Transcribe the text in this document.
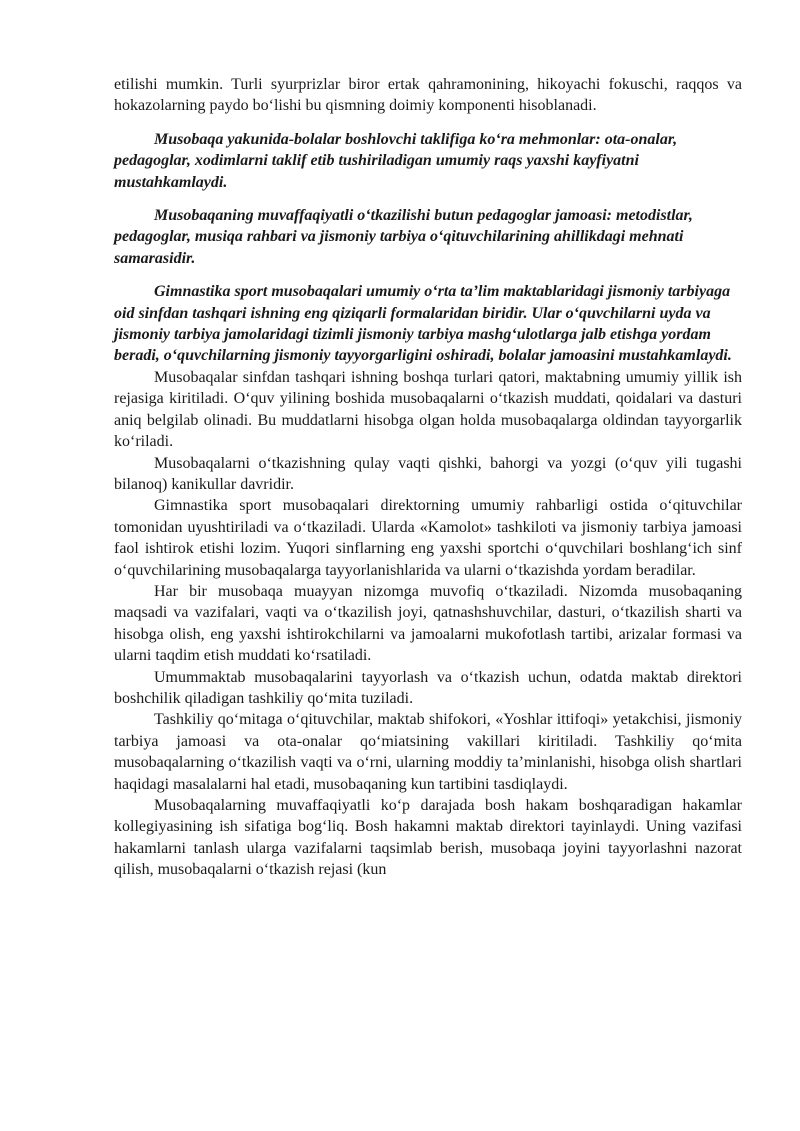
etilishi mumkin. Turli syurprizlar biror ertak qahramonining, hikoyachi fokuschi, raqqos va hokazolarning paydo boʻlishi bu qismning doimiy komponenti hisoblanadi.

Musobaqa yakunida-bolalar boshlovchi taklifiga koʻra mehmonlar: ota-onalar, pedagoglar, xodimlarni taklif etib tushiriladigan umumiy raqs yaxshi kayfiyatni mustahkamlaydi.

Musobaqaning muvaffaqiyatli oʻtkazilishi butun pedagoglar jamoasi: metodistlar, pedagoglar, musiqa rahbari va jismoniy tarbiya oʻqituvchilarining ahillikdagi mehnati samarasidir.

Gimnastika sport musobaqalari umumiy oʻrta ta’lim maktablaridagi jismoniy tarbiyaga oid sinfdan tashqari ishning eng qiziqarli formalaridan biridir. Ular oʻquvchilarni uyda va jismoniy tarbiya jamolaridagi tizimli jismoniy tarbiya mashgʻulotlarga jalb etishga yordam beradi, oʻquvchilarning jismoniy tayyorgarligini oshiradi, bolalar jamoasini mustahkamlaydi.

Musobaqalar sinfdan tashqari ishning boshqa turlari qatori, maktabning umumiy yillik ish rejasiga kiritiladi. Oʻquv yilining boshida musobaqalarni oʻtkazish muddati, qoidalari va dasturi aniq belgilab olinadi. Bu muddatlarni hisobga olgan holda musobaqalarga oldindan tayyorgarlik koʻriladi.

Musobaqalarni oʻtkazishning qulay vaqti qishki, bahorgi va yozgi (oʻquv yili tugashi bilanoq) kanikullar davridir.

Gimnastika sport musobaqalari direktorning umumiy rahbarligi ostida oʻqituvchilar tomonidan uyushtiriladi va oʻtkaziladi. Ularda «Kamolot» tashkiloti va jismoniy tarbiya jamoasi faol ishtirok etishi lozim. Yuqori sinflarning eng yaxshi sportchi oʻquvchilari boshlangʻich sinf oʻquvchilarining musobaqalarga tayyorlanishlarida va ularni oʻtkazishda yordam beradilar.

Har bir musobaqa muayyan nizomga muvofiq oʻtkaziladi. Nizomda musobaqaning maqsadi va vazifalari, vaqti va oʻtkazilish joyi, qatnashshuvchilar, dasturi, oʻtkazilish sharti va hisobga olish, eng yaxshi ishtirokchilarni va jamoalarni mukofotlash tartibi, arizalar formasi va ularni taqdim etish muddati koʻrsatiladi.

Umummaktab musobaqalarini tayyorlash va oʻtkazish uchun, odatda maktab direktori boshchilik qiladigan tashkiliy qoʻmita tuziladi.

Tashkiliy qoʻmitaga oʻqituvchilar, maktab shifokori, «Yoshlar ittifoqi» yetakchisi, jismoniy tarbiya jamoasi va ota-onalar qoʻmiatsining vakillari kiritiladi. Tashkiliy qoʻmita musobaqalarning oʻtkazilish vaqti va oʻrni, ularning moddiy ta’minlanishi, hisobga olish shartlari haqidagi masalalarni hal etadi, musobaqaning kun tartibini tasdiqlaydi.

Musobaqalarning muvaffaqiyatli koʻp darajada bosh hakam boshqaradigan hakamlar kollegiyasining ish sifatiga bogʻliq. Bosh hakamni maktab direktori tayinlaydi. Uning vazifasi hakamlarni tanlash ularga vazifalarni taqsimlab berish, musobaqa joyini tayyorlashni nazorat qilish, musobaqalarni oʻtkazish rejasi (kun
